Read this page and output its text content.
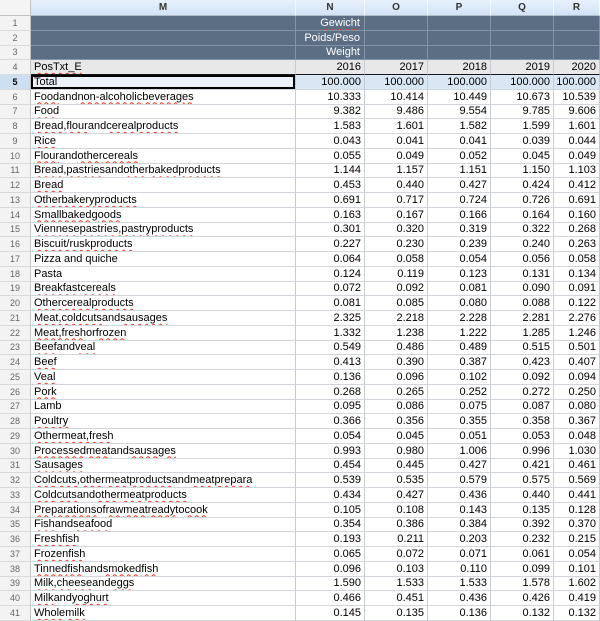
M	N	O	P	Q	R
1	Gewicht
2	Poids/Peso
3	Weight
4	PosTxt_E	2016	2017	2018	2019	2020
5	Total	100.000	100.000	100.000	100.000 100.000
6	Food and non-alcoholic beverages	10.333	10.414	10.449	10.673	10.539
7	Food	9.382	9.486	9.554	9.785	9.606
8	Bread, flour and cereal products	1.583	1.601	1.582	1.599	1.601
9	Rice	0.043	0.041	0.041	0.039	0.044
10	Flour and other cereals	0.055	0.049	0.052	0.045	0.049
11	Bread, pastries and other baked products	1.144	1.157	1.151	1.150	1.103
12	Bread	0.453	0.440	0.427	0.424	0.412
13	Other bakery products	0.691	0.717	0.724	0.726	0.691
14	Small baked goods	0.163	0.167	0.166	0.164	0.160
15	Viennese pastries, pastry products	0.301	0.320	0.319	0.322	0.268
16	Biscuit/rusk products	0.227	0.230	0.239	0.240	0.263
17	Pizza and quiche	0.064	0.058	0.054	0.056	0.058
18	Pasta	0.124	0.119	0.123	0.131	0.134
19	Breakfast cereals	0.072	0.092	0.081	0.090	0.091
20	Other cereal products	0.081	0.085	0.080	0.088	0.122
21	Meat, cold cuts and sausages	2.325	2.218	2.228	2.281	2.276
22	Meat, fresh or frozen	1.332	1.238	1.222	1.285	1.246
23	Beef and veal	0.549	0.486	0.489	0.515	0.501
24	Beef	0.413	0.390	0.387	0.423	0.407
25	Veal	0.136	0.096	0.102	0.092	0.094
26	Pork	0.268	0.265	0.252	0.272	0.250
27	Lamb	0.095	0.086	0.075	0.087	0.080
28	Poultry	0.366	0.356	0.355	0.358	0.367
29	Other meat, fresh	0.054	0.045	0.051	0.053	0.048
30	Processed meat and sausages	0.993	0.980	1.006	0.996	1.030
31	Sausages	0.454	0.445	0.427	0.421	0.461
32	Cold cuts, other meat products and meat prepara	0.539	0.535	0.579	0.575	0.569
33	Cold cuts and other meat products	0.434	0.427	0.436	0.440	0.441
34	Preparations of raw meat ready to cook	0.105	0.108	0.143	0.135	0.128
35	Fish and seafood	0.354	0.386	0.384	0.392	0.370
36	Fresh fish	0.193	0.211	0.203	0.232	0.215
37	Frozen fish	0.065	0.072	0.071	0.061	0.054
38	Tinned fish and smoked fish	0.096	0.103	0.110	0.099	0.101
39	Milk, cheese and eggs	1.590	1.533	1.533	1.578	1.602
40	Milk and yoghurt	0.466	0.451	0.436	0.426	0.419
41	Whole milk	0.145	0.135	0.136	0.132	0.132
